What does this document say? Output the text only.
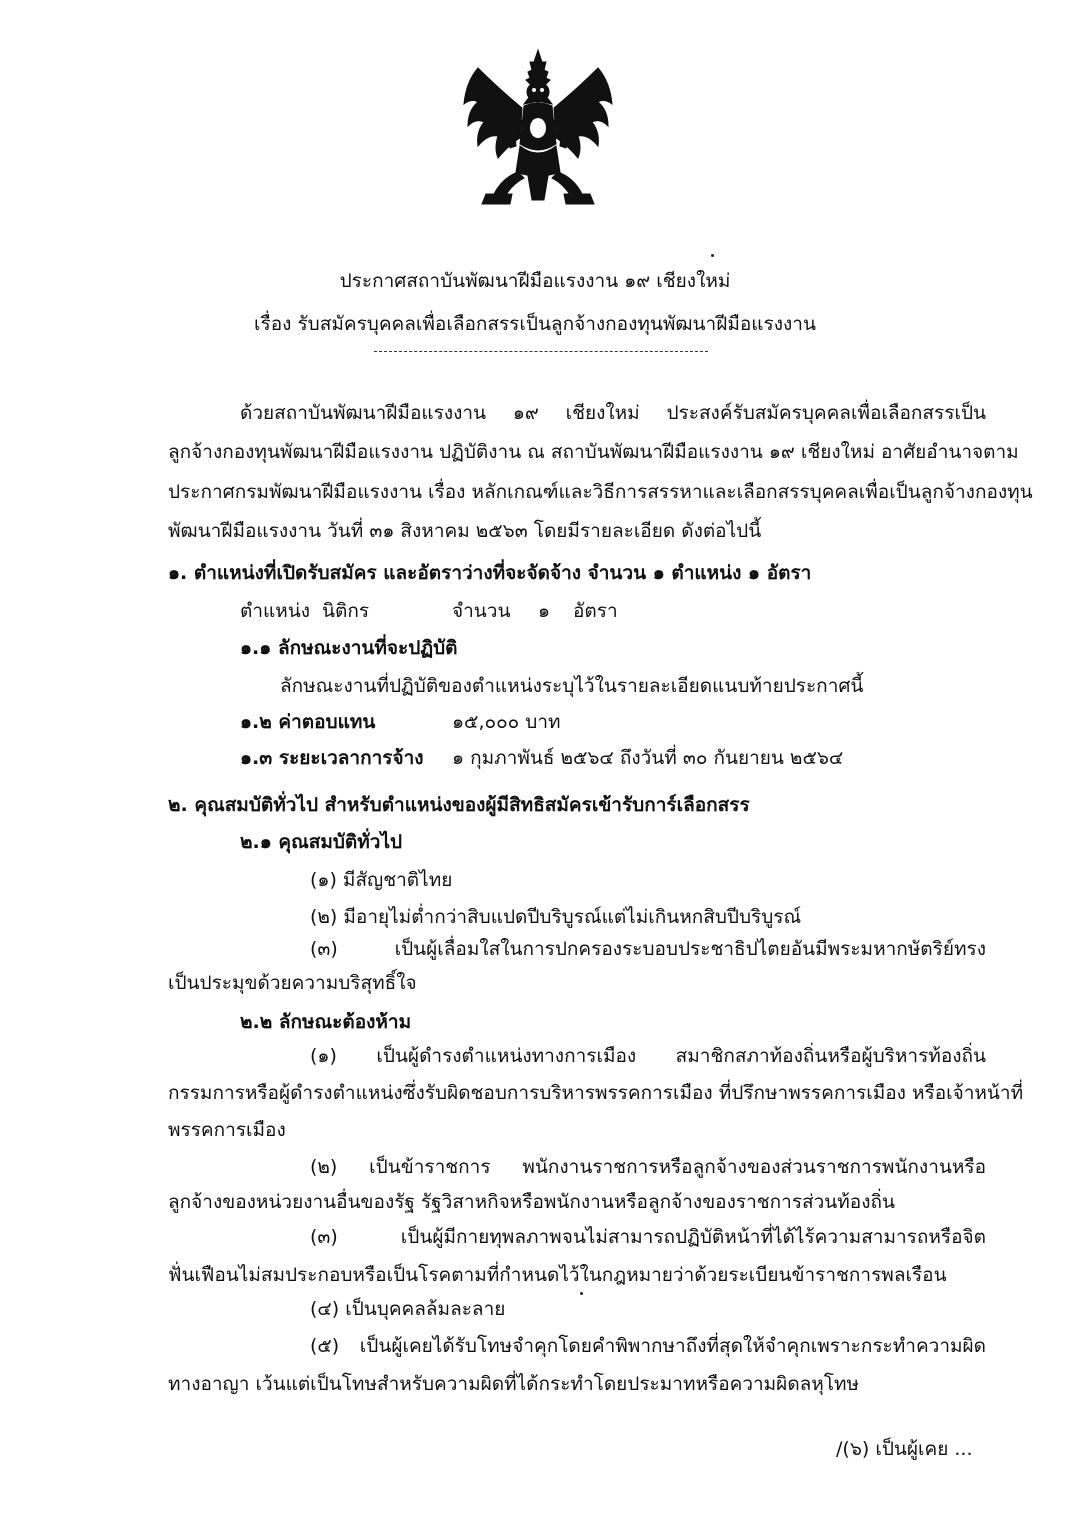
ประกาศสถาบันพัฒนาฝีมือแรงงาน ๑๙ เชียงใหม่
เรื่อง รับสมัครบุคคลเพื่อเลือกสรรเป็นลูกจ้างกองทุนพัฒนาฝีมือแรงงาน
ด้วยสถาบันพัฒนาฝีมือแรงงาน ๑๙ เชียงใหม่ ประสงค์รับสมัครบุคคลเพื่อเลือกสรรเป็น
ลูกจ้างกองทุนพัฒนาฝีมือแรงงาน ปฏิบัติงาน ณ สถาบันพัฒนาฝีมือแรงงาน ๑๙ เชียงใหม่ อาศัยอำนาจตาม
ประกาศกรมพัฒนาฝีมือแรงงาน เรื่อง หลักเกณฑ์และวิธีการสรรหาและเลือกสรรบุคคลเพื่อเป็นลูกจ้างกองทุน
พัฒนาฝีมือแรงงาน วันที่ ๓๑ สิงหาคม ๒๕๖๓ โดยมีรายละเอียด ดังต่อไปนี้
๑. ตำแหน่งที่เปิดรับสมัคร และอัตราว่างที่จะจัดจ้าง จำนวน ๑ ตำแหน่ง ๑ อัตรา
ตำแหน่ง นิติกร	จำนวน ๑ อัตรา
๑.๑ ลักษณะงานที่จะปฏิบัติ
ลักษณะงานที่ปฏิบัติของตำแหน่งระบุไว้ในรายละเอียดแนบท้ายประกาศนี้
๑.๒ ค่าตอบแทน	๑๕,๐๐๐ บาท
๑.๓ ระยะเวลาการจ้าง ๑ กุมภาพันธ์ ๒๕๖๔ ถึงวันที่ ๓๐ กันยายน ๒๕๖๔
๒. คุณสมบัติทั่วไป สำหรับตำแหน่งของผู้มีสิทธิสมัครเข้ารับการ์เลือกสรร
๒.๑ คุณสมบัติทั่วไป
(๑) มีสัญชาติไทย
(๒) มีอายุไม่ต่ำกว่าสิบแปดปีบริบูรณ์แต่ไม่เกินหกสิบปีบริบูรณ์
(๓) เป็นผู้เลื่อมใสในการปกครองระบอบประชาธิปไตยอันมีพระมหากษัตริย์ทรง
เป็นประมุขด้วยความบริสุทธิ์ใจ
๒.๒ ลักษณะต้องห้าม
(๑) เป็นผู้ดำรงตำแหน่งทางการเมือง สมาชิกสภาท้องถิ่นหรือผู้บริหารท้องถิ่น
กรรมการหรือผู้ดำรงตำแหน่งซึ่งรับผิดชอบการบริหารพรรคการเมือง ที่ปรึกษาพรรคการเมือง หรือเจ้าหน้าที่
พรรคการเมือง
(๒) เป็นข้าราชการ พนักงานราชการหรือลูกจ้างของส่วนราชการพนักงานหรือ
ลูกจ้างของหน่วยงานอื่นของรัฐ รัฐวิสาหกิจหรือพนักงานหรือลูกจ้างของราชการส่วนท้องถิ่น
(๓) เป็นผู้มีกายทุพลภาพจนไม่สามารถปฏิบัติหน้าที่ได้ไร้ความสามารถหรือจิต
ฟั่นเฟือนไม่สมประกอบหรือเป็นโรคตามที่กำหนดไว้ในกฎหมายว่าด้วยระเบียนข้าราชการพลเรือน
(๔) เป็นบุคคลล้มละลาย
(๕) เป็นผู้เคยได้รับโทษจำคุกโดยคำพิพากษาถึงที่สุดให้จำคุกเพราะกระทำความผิด
ทางอาญา เว้นแต่เป็นโทษสำหรับความผิดที่ได้กระทำโดยประมาทหรือความผิดลหุโทษ
/(๖) เป็นผู้เคย ...
